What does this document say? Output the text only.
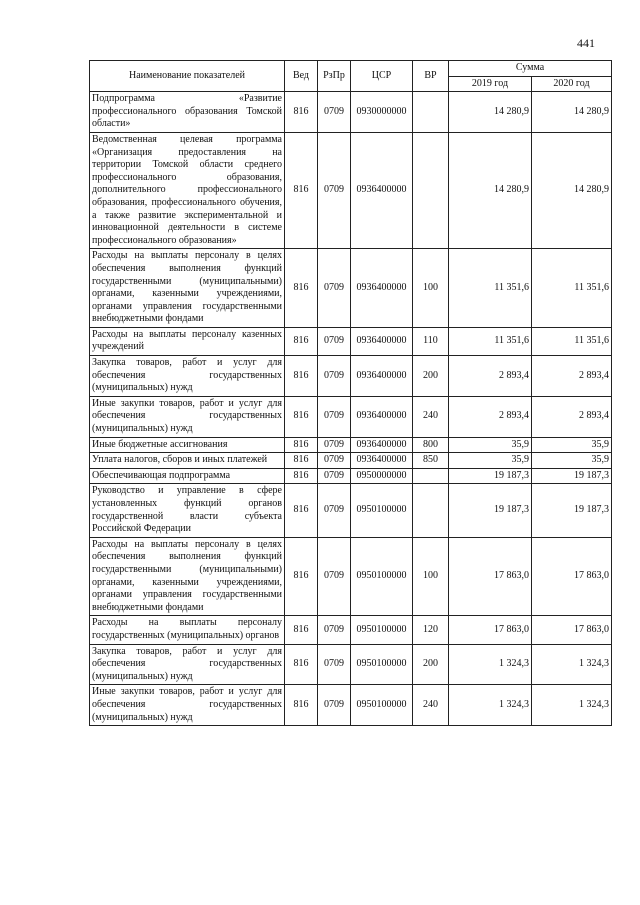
441
Наименование показателей	Вед	РзПр	ЦСР	ВР	Сумма	
					2019 год	2020 год
Подпрограмма «Развитие профессионального образования Томской области»	816	0709	0930000000		14 280,9	14 280,9
Ведомственная целевая программа «Организация предоставления на территории Томской области среднего профессионального образования, дополнительного профессионального образования, профессионального обучения, а также развитие экспериментальной и инновационной деятельности в системе профессионального образования»	816	0709	0936400000		14 280,9	14 280,9
Расходы на выплаты персоналу в целях обеспечения выполнения функций государственными (муниципальными) органами, казенными учреждениями, органами управления государственными внебюджетными фондами	816	0709	0936400000	100	11 351,6	11 351,6
Расходы на выплаты персоналу казенных учреждений	816	0709	0936400000	110	11 351,6	11 351,6
Закупка товаров, работ и услуг для обеспечения государственных (муниципальных) нужд	816	0709	0936400000	200	2 893,4	2 893,4
Иные закупки товаров, работ и услуг для обеспечения государственных (муниципальных) нужд	816	0709	0936400000	240	2 893,4	2 893,4
Иные бюджетные ассигнования	816	0709	0936400000	800	35,9	35,9
Уплата налогов, сборов и иных платежей	816	0709	0936400000	850	35,9	35,9
Обеспечивающая подпрограмма	816	0709	0950000000		19 187,3	19 187,3
Руководство и управление в сфере установленных функций органов государственной власти субъекта Российской Федерации	816	0709	0950100000		19 187,3	19 187,3
Расходы на выплаты персоналу в целях обеспечения выполнения функций государственными (муниципальными) органами, казенными учреждениями, органами управления государственными внебюджетными фондами	816	0709	0950100000	100	17 863,0	17 863,0
Расходы на выплаты персоналу государственных (муниципальных) органов	816	0709	0950100000	120	17 863,0	17 863,0
Закупка товаров, работ и услуг для обеспечения государственных (муниципальных) нужд	816	0709	0950100000	200	1 324,3	1 324,3
Иные закупки товаров, работ и услуг для обеспечения государственных (муниципальных) нужд	816	0709	0950100000	240	1 324,3	1 324,3
